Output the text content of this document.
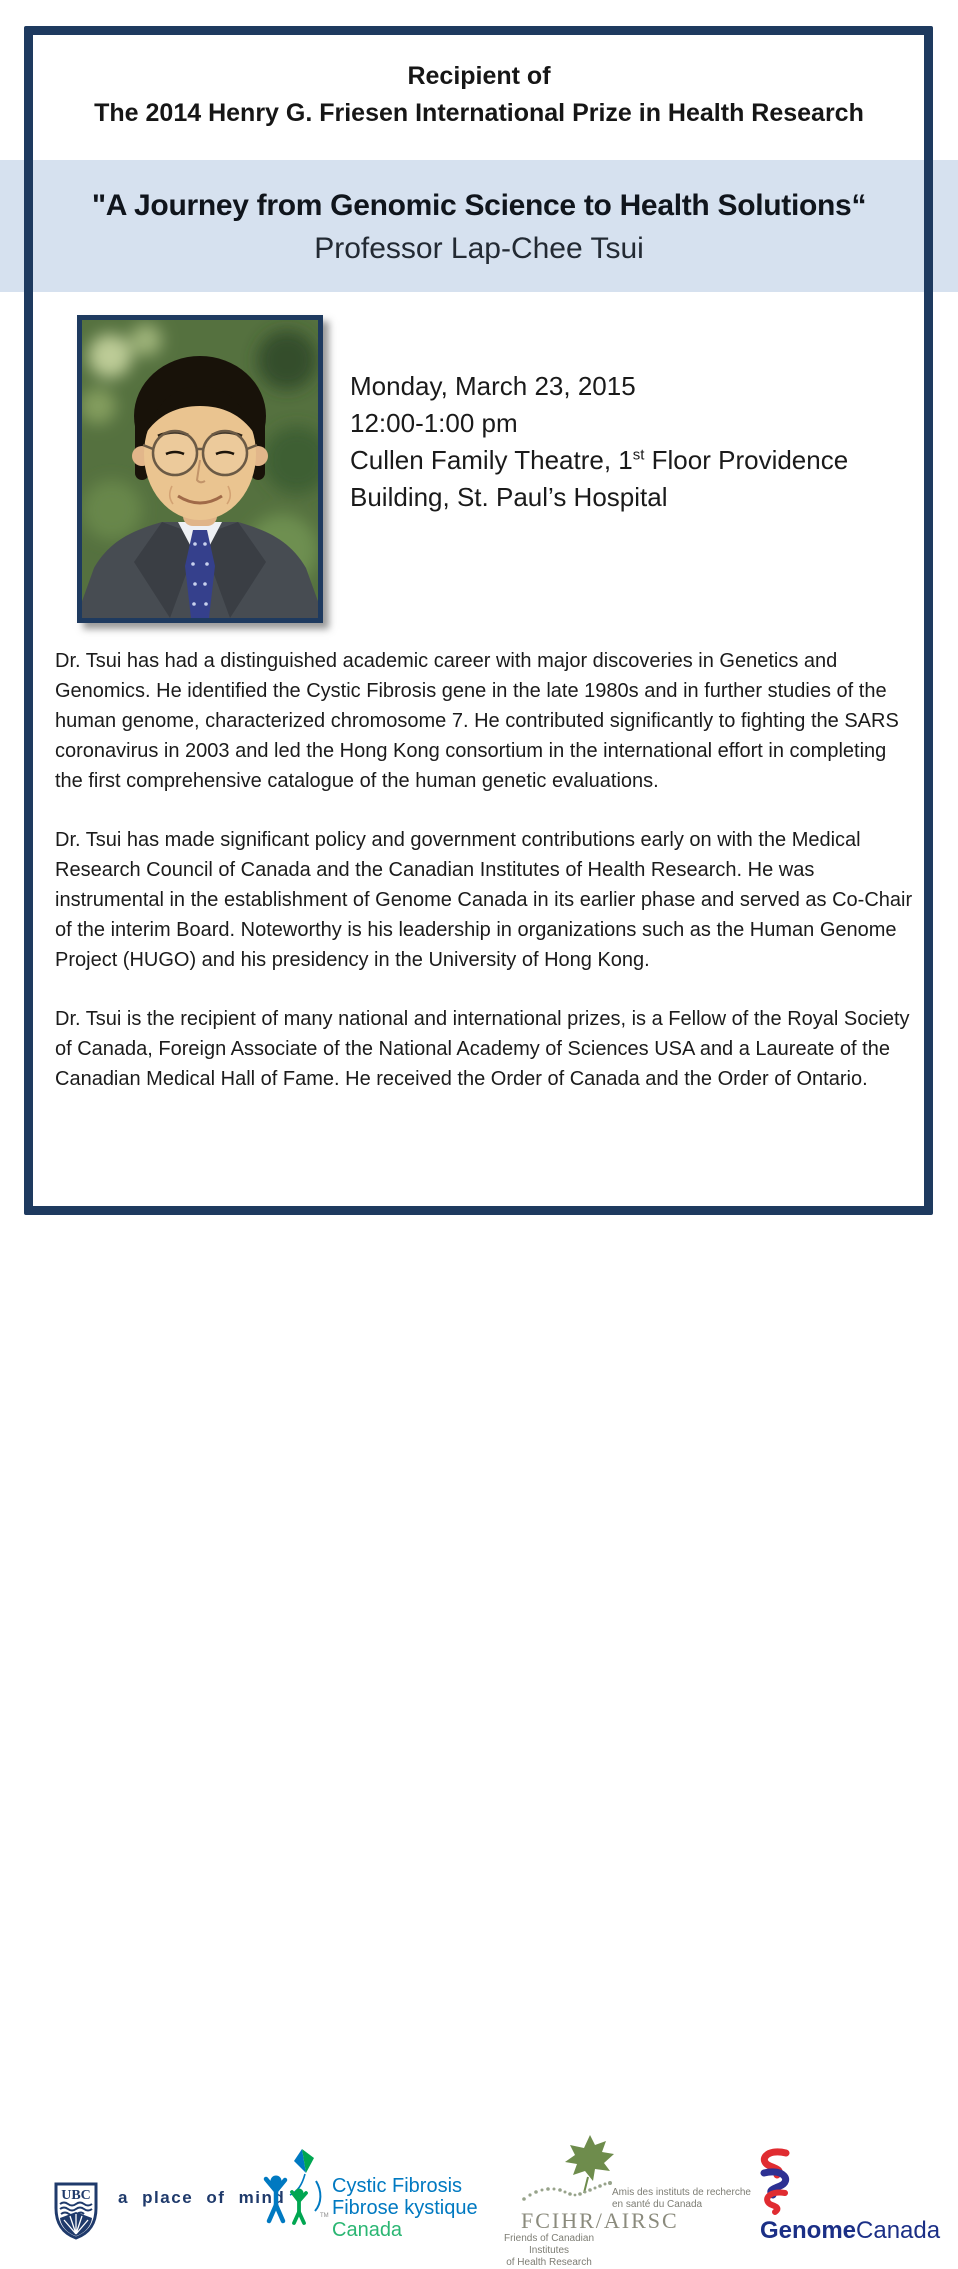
Recipient of
The 2014 Henry G. Friesen International Prize in Health Research
"A Journey from Genomic Science to Health Solutions“
Professor Lap-Chee Tsui
Monday, March 23, 2015
12:00-1:00 pm
Cullen Family Theatre, 1st Floor Providence
Building, St. Paul’s Hospital

Dr. Tsui has had a distinguished academic career with major discoveries in Genetics and Genomics. He identified the Cystic Fibrosis gene in the late 1980s and in further studies of the human genome, characterized chromosome 7. He contributed significantly to fighting the SARS coronavirus in 2003 and led the Hong Kong consortium in the international effort in completing the first comprehensive catalogue of the human genetic evaluations.

Dr. Tsui has made significant policy and government contributions early on with the Medical Research Council of Canada and the Canadian Institutes of Health Research. He was instrumental in the establishment of Genome Canada in its earlier phase and served as Co-Chair of the interim Board. Noteworthy is his leadership in organizations such as the Human Genome Project (HUGO) and his presidency in the University of Hong Kong.

Dr. Tsui is the recipient of many national and international prizes, is a Fellow of the Royal Society of Canada, Foreign Associate of the National Academy of Sciences USA and a Laureate of the Canadian Medical Hall of Fame. He received the Order of Canada and the Order of Ontario.

UBC a place of mind
TM
Cystic Fibrosis
Fibrose kystique
Canada
Amis des instituts de recherche
en santé du Canada
FCIHR/AIRSC
Friends of Canadian Institutes
of Health Research
GenomeCanada
